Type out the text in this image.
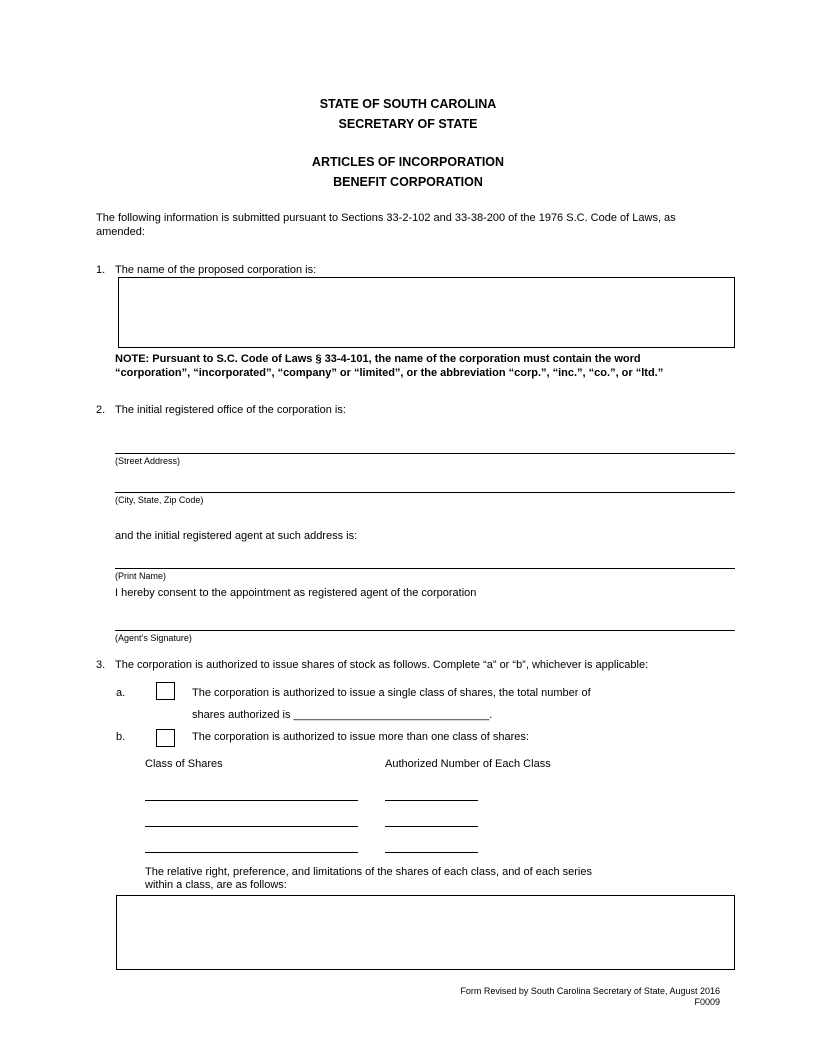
STATE OF SOUTH CAROLINA
SECRETARY OF STATE
ARTICLES OF INCORPORATION
BENEFIT CORPORATION
The following information is submitted pursuant to Sections 33-2-102 and 33-38-200 of the 1976 S.C. Code of Laws, as
amended:
1. The name of the proposed corporation is:
NOTE: Pursuant to S.C. Code of Laws § 33-4-101, the name of the corporation must contain the word
“corporation”, “incorporated”, “company” or “limited”, or the abbreviation “corp.”, “inc.”, “co.”, or “ltd.”
2. The initial registered office of the corporation is:
(Street Address)
(City, State, Zip Code)
and the initial registered agent at such address is:
(Print Name)
I hereby consent to the appointment as registered agent of the corporation
(Agent’s Signature)
3. The corporation is authorized to issue shares of stock as follows. Complete “a” or “b”, whichever is applicable:
a.	The corporation is authorized to issue a single class of shares, the total number of
shares authorized is ________________________________.
b.	The corporation is authorized to issue more than one class of shares:
Class of Shares	Authorized Number of Each Class
The relative right, preference, and limitations of the shares of each class, and of each series
within a class, are as follows:
Form Revised by South Carolina Secretary of State, August 2016
F0009
